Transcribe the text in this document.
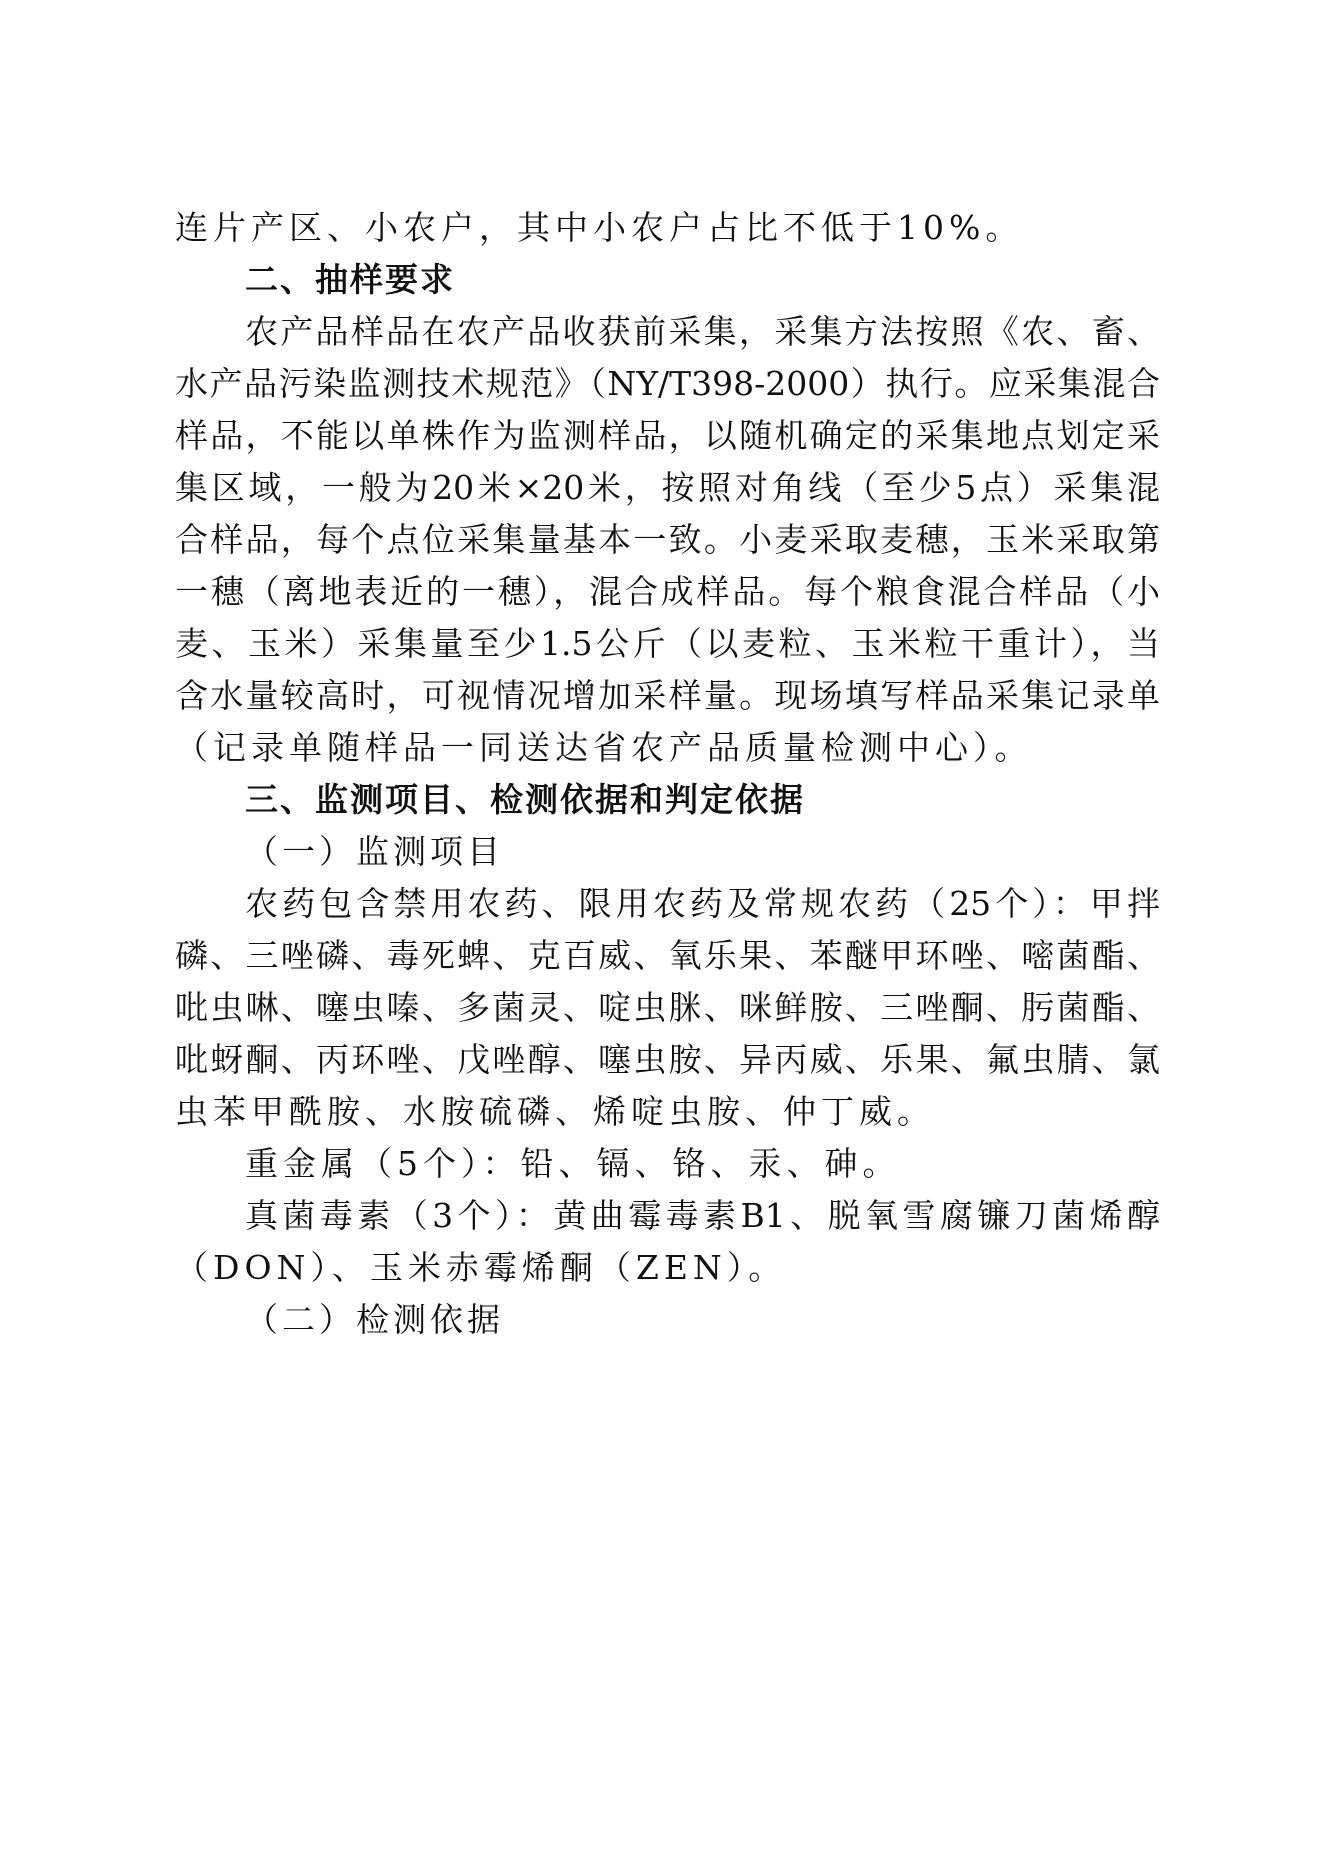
连片产区、小农户，其中小农户占比不低于10%。
二、抽样要求
农产品样品在农产品收获前采集，采集方法按照《农、畜、
水产品污染监测技术规范》（NY/T398-2000）执行。应采集混合
样品，不能以单株作为监测样品，以随机确定的采集地点划定采
集区域，一般为20米×20米，按照对角线（至少5点）采集混
合样品，每个点位采集量基本一致。小麦采取麦穗，玉米采取第
一穗（离地表近的一穗），混合成样品。每个粮食混合样品（小
麦、玉米）采集量至少1.5公斤（以麦粒、玉米粒干重计），当
含水量较高时，可视情况增加采样量。现场填写样品采集记录单
（记录单随样品一同送达省农产品质量检测中心）。
三、监测项目、检测依据和判定依据
（一）监测项目
农药包含禁用农药、限用农药及常规农药（25个）：甲拌
磷、三唑磷、毒死蜱、克百威、氧乐果、苯醚甲环唑、嘧菌酯、
吡虫啉、噻虫嗪、多菌灵、啶虫脒、咪鲜胺、三唑酮、肟菌酯、
吡蚜酮、丙环唑、戊唑醇、噻虫胺、异丙威、乐果、氟虫腈、氯
虫苯甲酰胺、水胺硫磷、烯啶虫胺、仲丁威。
重金属（5个）：铅、镉、铬、汞、砷。
真菌毒素（3个）：黄曲霉毒素B1、脱氧雪腐镰刀菌烯醇
（DON）、玉米赤霉烯酮（ZEN）。
（二）检测依据
